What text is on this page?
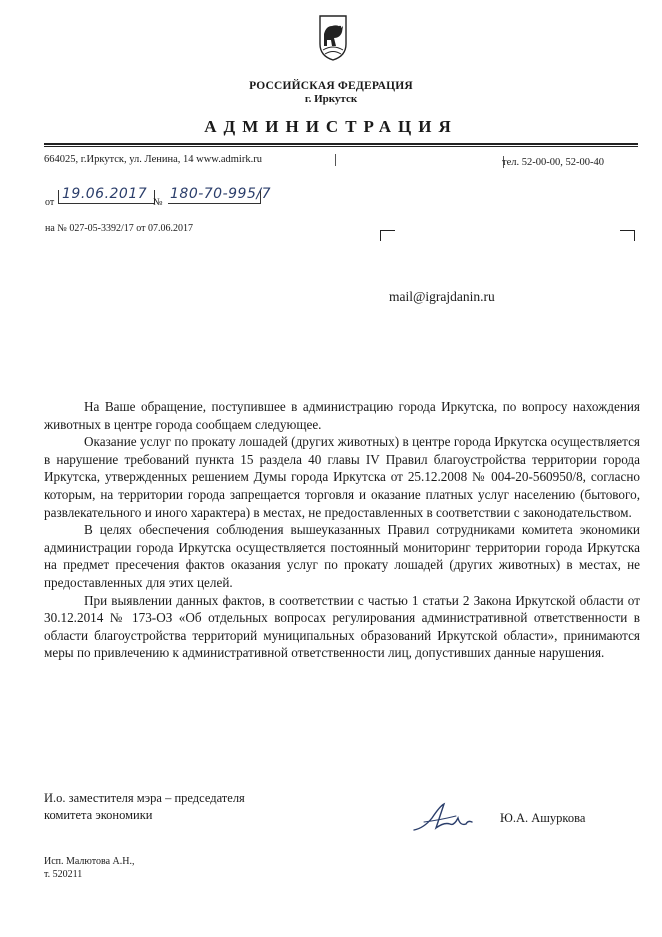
РОССИЙСКАЯ ФЕДЕРАЦИЯ
г. Иркутск
АДМИНИСТРАЦИЯ
664025, г.Иркутск, ул. Ленина, 14 www.admirk.ru	тел. 52-00-00, 52-00-40
от
19.06.2017
№
180-70-995/7
на № 027-05-3392/17 от 07.06.2017
mail@igrajdanin.ru

На Ваше обращение, поступившее в администрацию города Иркутска, по вопросу нахождения животных в центре города сообщаем следующее.

Оказание услуг по прокату лошадей (других животных) в центре города Иркутска осуществляется в нарушение требований пункта 15 раздела 40 главы IV Правил благоустройства территории города Иркутска, утвержденных решением Думы города Иркутска от 25.12.2008 № 004-20-560950/8, согласно которым, на территории города запрещается торговля и оказание платных услуг населению (бытового, развлекательного и иного характера) в местах, не предоставленных в соответствии с законодательством.

В целях обеспечения соблюдения вышеуказанных Правил сотрудниками комитета экономики администрации города Иркутска осуществляется постоянный мониторинг территории города Иркутска на предмет пресечения фактов оказания услуг по прокату лошадей (других животных) в местах, не предоставленных для этих целей.

При выявлении данных фактов, в соответствии с частью 1 статьи 2 Закона Иркутской области от 30.12.2014 № 173-ОЗ «Об отдельных вопросах регулирования административной ответственности в области благоустройства территорий муниципальных образований Иркутской области», принимаются меры по привлечению к административной ответственности лиц, допустивших данные нарушения.

И.о. заместителя мэра – председателя
комитета экономики	Ю.А. Ашуркова
Исп. Малютова А.Н.,
т. 520211
